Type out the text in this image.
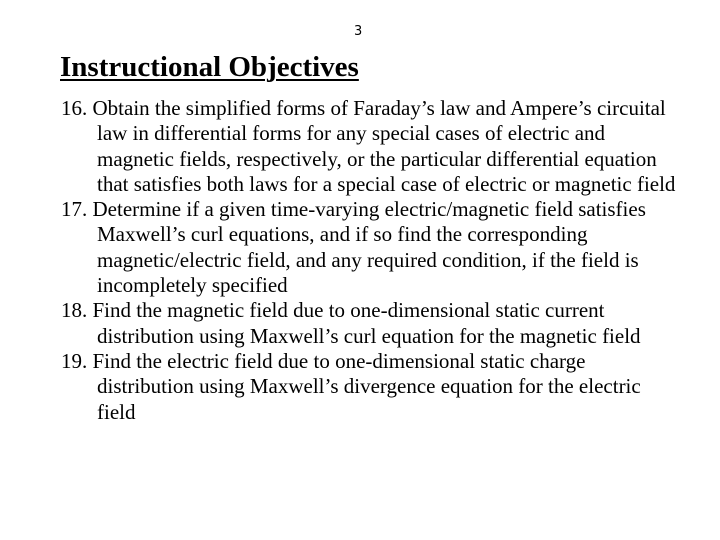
3
Instructional Objectives
16. Obtain the simplified forms of Faraday’s law and Ampere’s circuital law in differential forms for any special cases of electric and magnetic fields, respectively, or the particular differential equation that satisfies both laws for a special case of electric or magnetic field
17. Determine if a given time-varying electric/magnetic field satisfies Maxwell’s curl equations, and if so find the corresponding magnetic/electric field, and any required condition, if the field is incompletely specified
18. Find the magnetic field due to one-dimensional static current distribution using Maxwell’s curl equation for the magnetic field
19. Find the electric field due to one-dimensional static charge distribution using Maxwell’s divergence equation for the electric field
